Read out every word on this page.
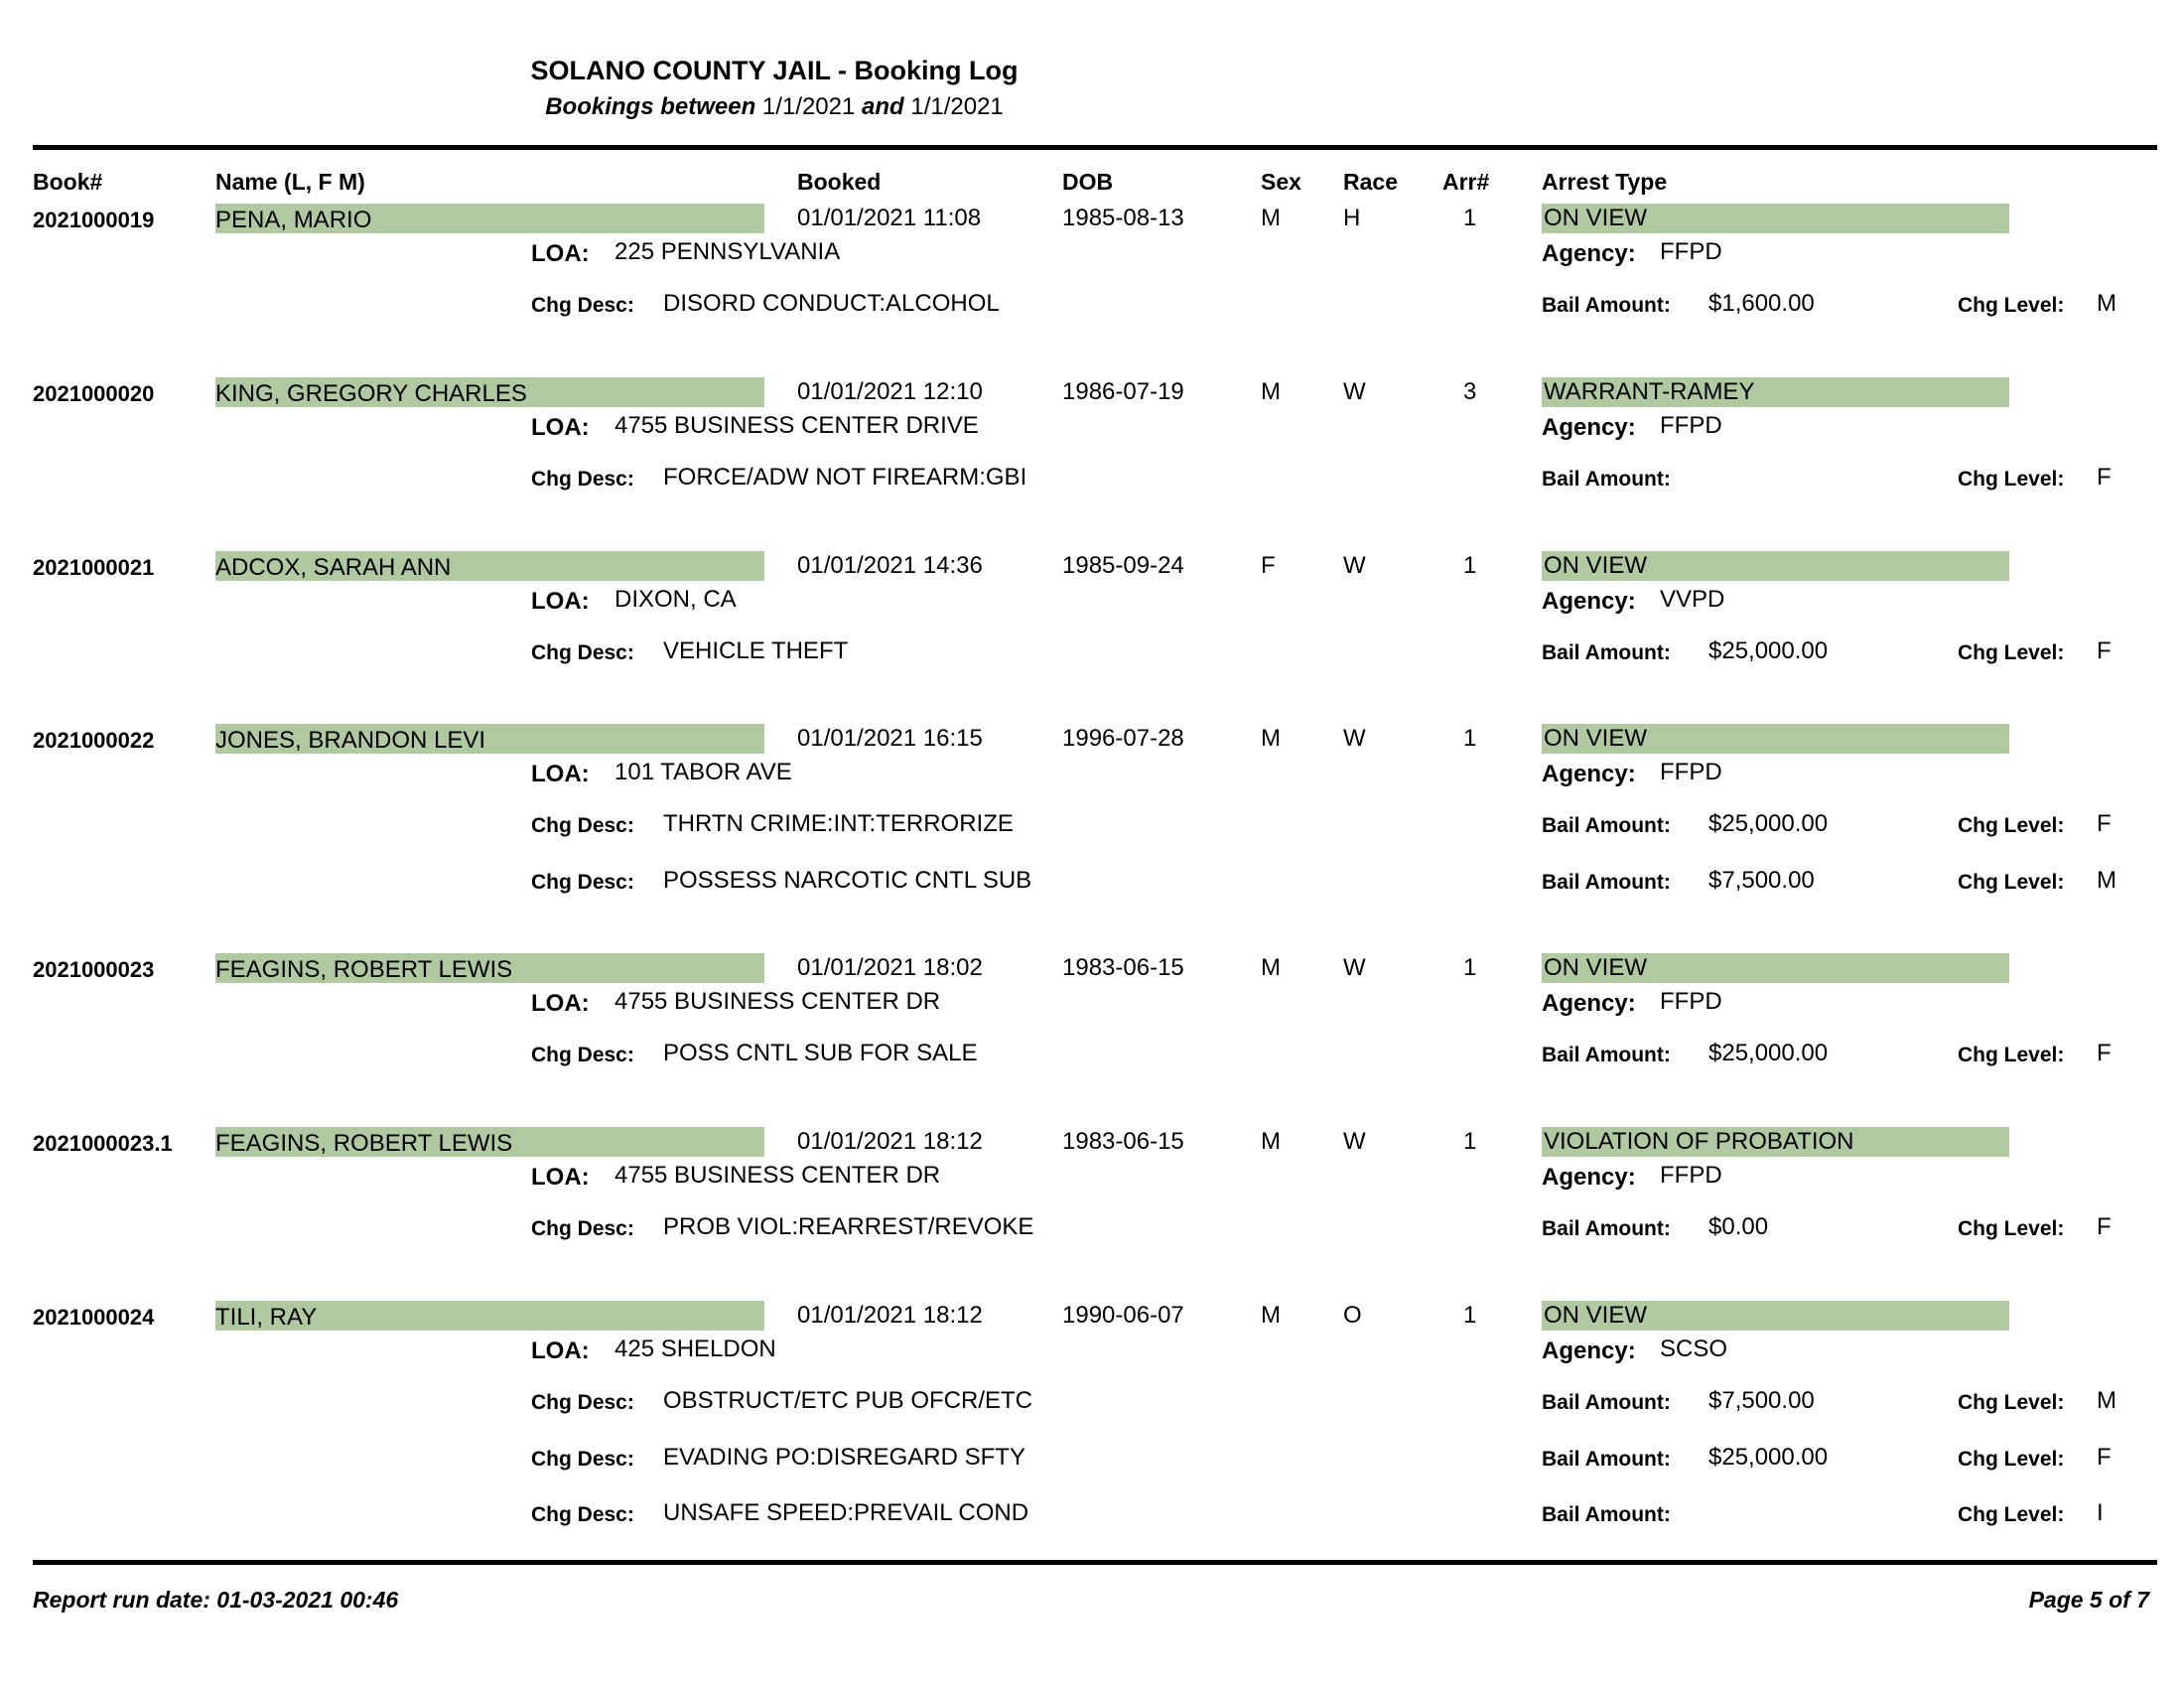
SOLANO COUNTY JAIL - Booking Log
Bookings between 1/1/2021 and 1/1/2021
Book#	Name (L, F M)	Booked	DOB	Sex Race Arr# Arrest Type
2021000019	PENA, MARIO	01/01/2021 11:08	1985-08-13	M	H	1	ON VIEW
LOA: 225 PENNSYLVANIA	Agency: FFPD
Chg Desc: DISORD CONDUCT:ALCOHOL	Bail Amount: $1,600.00	Chg Level: M
2021000020	KING, GREGORY CHARLES	01/01/2021 12:10	1986-07-19	M	W	3	WARRANT-RAMEY
LOA: 4755 BUSINESS CENTER DRIVE	Agency: FFPD
Chg Desc: FORCE/ADW NOT FIREARM:GBI	Bail Amount:	Chg Level: F
2021000021	ADCOX, SARAH ANN	01/01/2021 14:36	1985-09-24	F	W	1	ON VIEW
LOA: DIXON, CA	Agency: VVPD
Chg Desc: VEHICLE THEFT	Bail Amount: $25,000.00	Chg Level: F
2021000022	JONES, BRANDON LEVI	01/01/2021 16:15	1996-07-28	M	W	1	ON VIEW
LOA: 101 TABOR AVE	Agency: FFPD
Chg Desc: THRTN CRIME:INT:TERRORIZE	Bail Amount: $25,000.00	Chg Level: F
Chg Desc: POSSESS NARCOTIC CNTL SUB	Bail Amount: $7,500.00	Chg Level: M
2021000023	FEAGINS, ROBERT LEWIS	01/01/2021 18:02	1983-06-15	M	W	1	ON VIEW
LOA: 4755 BUSINESS CENTER DR	Agency: FFPD
Chg Desc: POSS CNTL SUB FOR SALE	Bail Amount: $25,000.00	Chg Level: F
2021000023.1 FEAGINS, ROBERT LEWIS	01/01/2021 18:12	1983-06-15	M	W	1	VIOLATION OF PROBATION
LOA: 4755 BUSINESS CENTER DR	Agency: FFPD
Chg Desc: PROB VIOL:REARREST/REVOKE	Bail Amount: $0.00	Chg Level: F
2021000024	TILI, RAY	01/01/2021 18:12	1990-06-07	M	O	1	ON VIEW
LOA: 425 SHELDON	Agency: SCSO
Chg Desc: OBSTRUCT/ETC PUB OFCR/ETC	Bail Amount: $7,500.00	Chg Level: M
Chg Desc: EVADING PO:DISREGARD SFTY	Bail Amount: $25,000.00	Chg Level: F
Chg Desc: UNSAFE SPEED:PREVAIL COND	Bail Amount:	Chg Level: I
Report run date: 01-03-2021 00:46	Page 5 of 7
